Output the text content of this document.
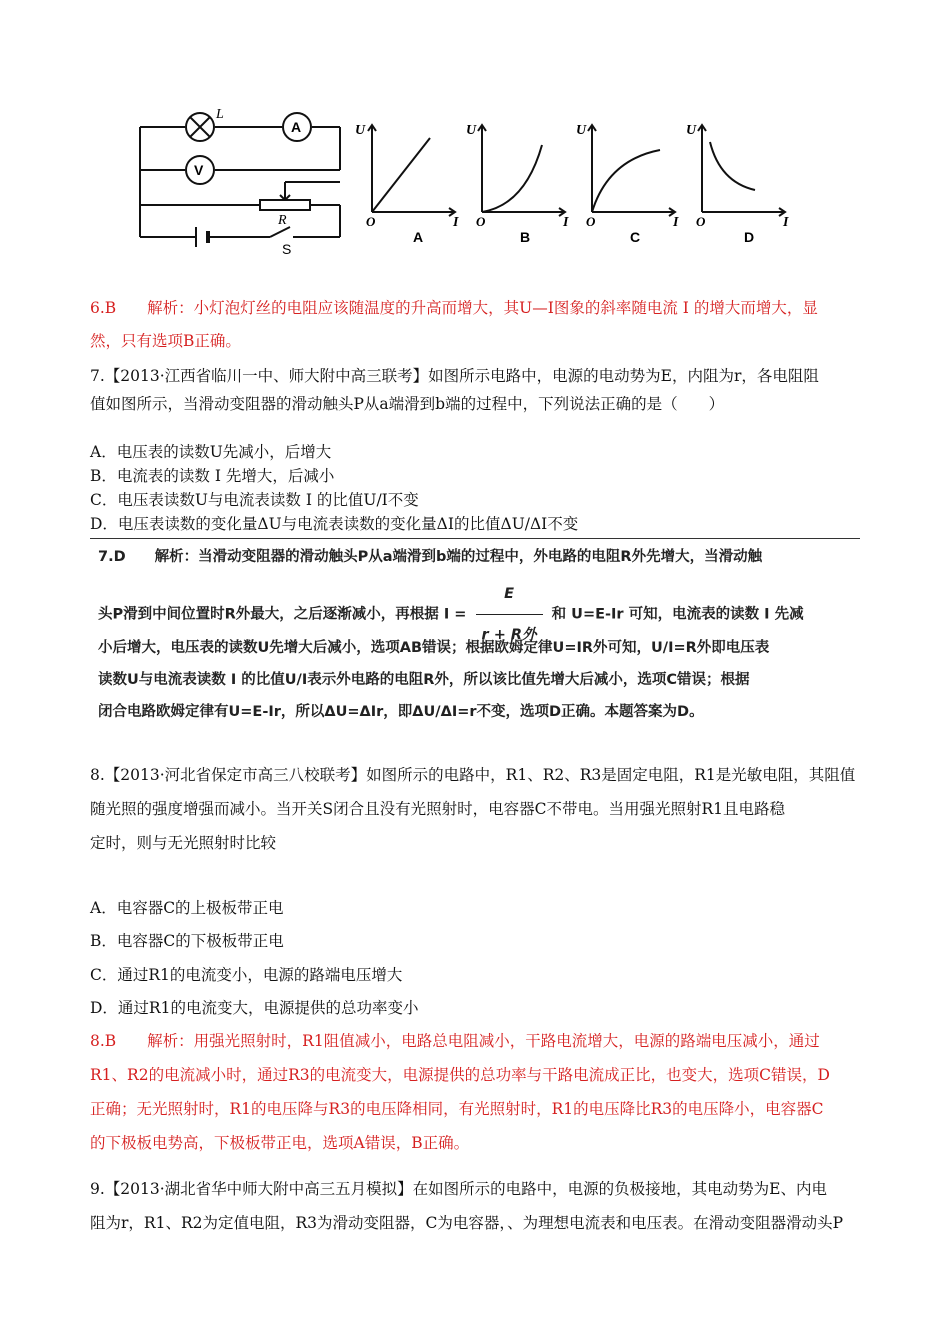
L
A
V
R
S
U
O	I
A
U
O	I
B
U
O	I
C
U
O	I
D
6.B　　解析：小灯泡灯丝的电阻应该随温度的升高而增大，其U—I图象的斜率随电流 I 的增大而增大，显
然，只有选项B正确。
7.【2013·江西省临川一中、师大附中高三联考】如图所示电路中，电源的电动势为E，内阻为r，各电阻阻
值如图所示，当滑动变阻器的滑动触头P从a端滑到b端的过程中，下列说法正确的是（　　）
A．电压表的读数U先减小，后增大
B．电流表的读数 I 先增大，后减小
C．电压表读数U与电流表读数 I 的比值U/I不变
D．电压表读数的变化量ΔU与电流表读数的变化量ΔI的比值ΔU/ΔI不变
7.D　　解析：当滑动变阻器的滑动触头P从a端滑到b端的过程中，外电路的电阻R外先增大，当滑动触
头P滑到中间位置时R外最大，之后逐渐减小，再根据 $I = \frac{E}{\text{r + R外}}$ 和 U=E-Ir 可知，电流表的读数 I 先减
小后增大，电压表的读数U先增大后减小，选项AB错误；根据欧姆定律U=IR外可知，U/I=R外即电压表
读数U与电流表读数 I 的比值U/I表示外电路的电阻R外，所以该比值先增大后减小，选项C错误；根据
闭合电路欧姆定律有U=E-Ir，所以ΔU=ΔIr，即ΔU/ΔI=r不变，选项D正确。本题答案为D。
8.【2013·河北省保定市高三八校联考】如图所示的电路中，R1、R2、R3是固定电阻，R1是光敏电阻，其阻值
随光照的强度增强而减小。当开关S闭合且没有光照射时，电容器C不带电。当用强光照射R1且电路稳
定时，则与无光照射时比较
A．电容器C的上极板带正电
B．电容器C的下极板带正电
C．通过R1的电流变小，电源的路端电压增大
D．通过R1的电流变大，电源提供的总功率变小
8.B　　解析：用强光照射时，R1阻值减小，电路总电阻减小，干路电流增大，电源的路端电压减小，通过
R1、R2的电流减小时，通过R3的电流变大，电源提供的总功率与干路电流成正比，也变大，选项C错误，D
正确；无光照射时，R1的电压降与R3的电压降相同，有光照射时，R1的电压降比R3的电压降小，电容器C
的下极板电势高，下极板带正电，选项A错误，B正确。
9.【2013·湖北省华中师大附中高三五月模拟】在如图所示的电路中，电源的负极接地，其电动势为E、内电
阻为r，R1、R2为定值电阻，R3为滑动变阻器，C为电容器，、为理想电流表和电压表。在滑动变阻器滑动头P
